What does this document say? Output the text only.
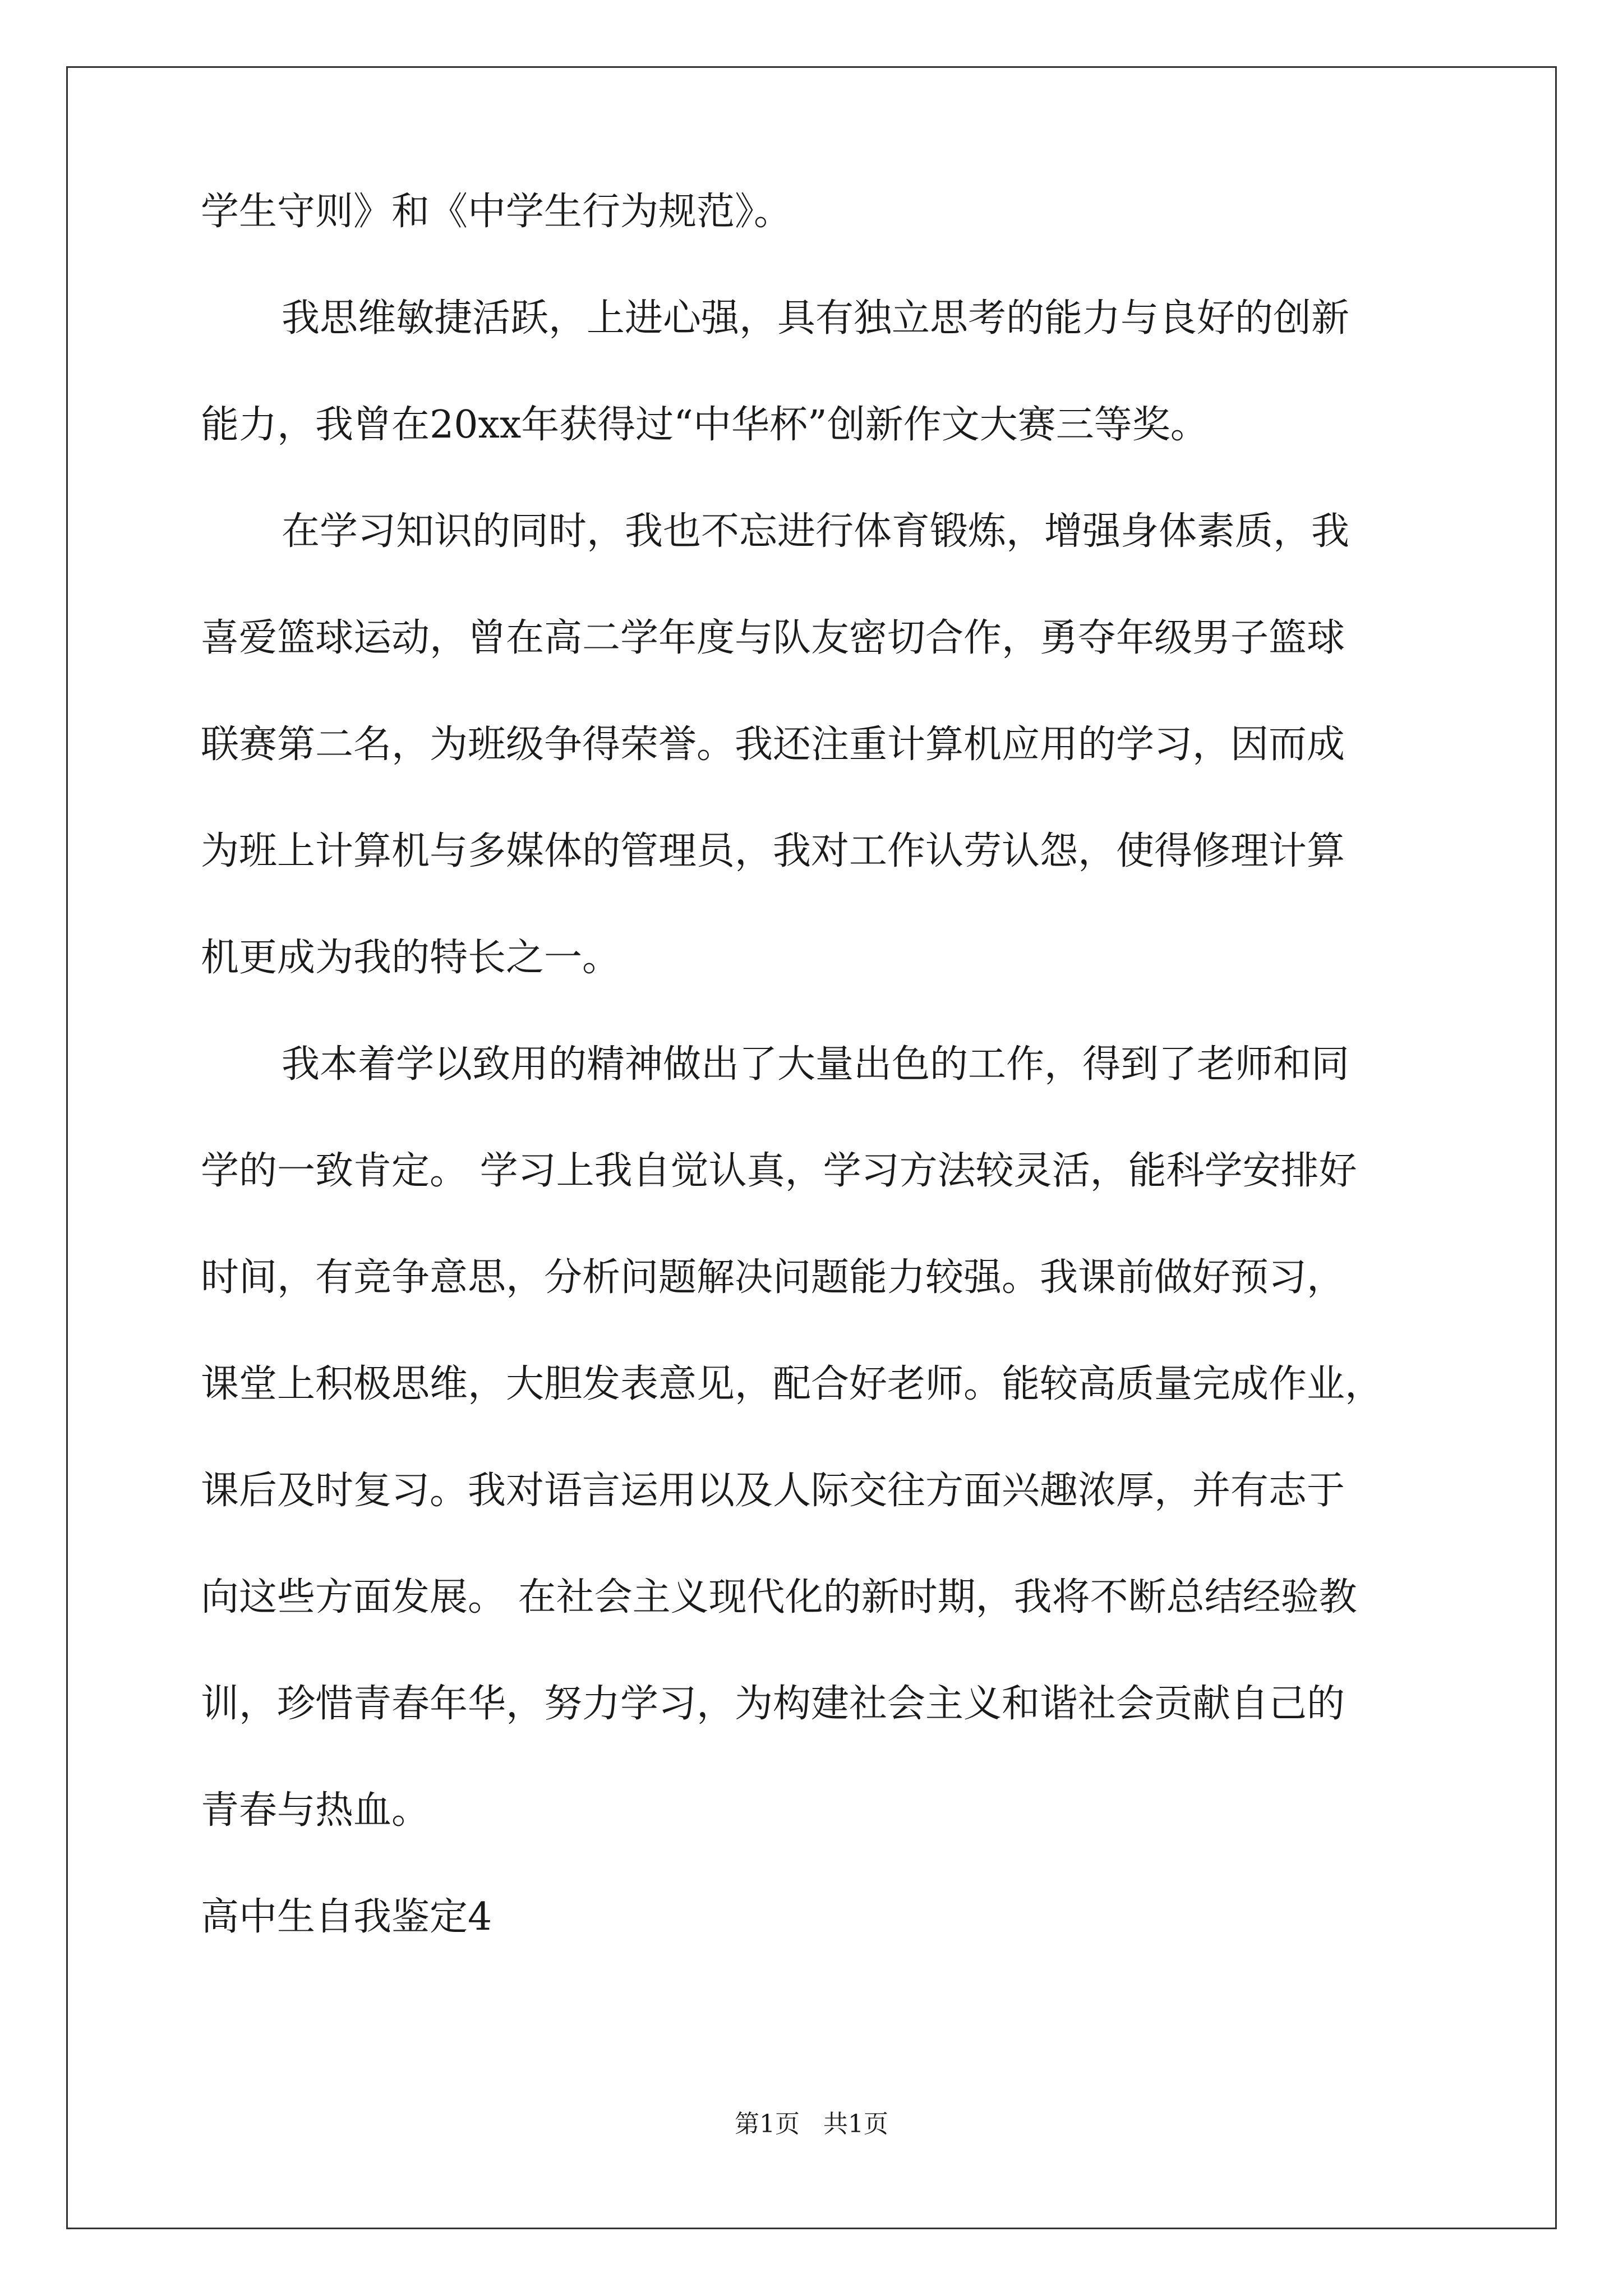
学生守则》和《中学生行为规范》。
我思维敏捷活跃，上进心强，具有独立思考的能力与良好的创新
能力，我曾在20xx年获得过“中华杯”创新作文大赛三等奖。
在学习知识的同时，我也不忘进行体育锻炼，增强身体素质，我
喜爱篮球运动，曾在高二学年度与队友密切合作，勇夺年级男子篮球
联赛第二名，为班级争得荣誉。我还注重计算机应用的学习，因而成
为班上计算机与多媒体的管理员，我对工作认劳认怨，使得修理计算
机更成为我的特长之一。
我本着学以致用的精神做出了大量出色的工作，得到了老师和同
学的一致肯定。 学习上我自觉认真，学习方法较灵活，能科学安排好
时间，有竞争意思，分析问题解决问题能力较强。我课前做好预习，
课堂上积极思维，大胆发表意见，配合好老师。能较高质量完成作业，
课后及时复习。我对语言运用以及人际交往方面兴趣浓厚，并有志于
向这些方面发展。 在社会主义现代化的新时期，我将不断总结经验教
训，珍惜青春年华，努力学习，为构建社会主义和谐社会贡献自己的
青春与热血。
高中生自我鉴定4
第1页   共1页
